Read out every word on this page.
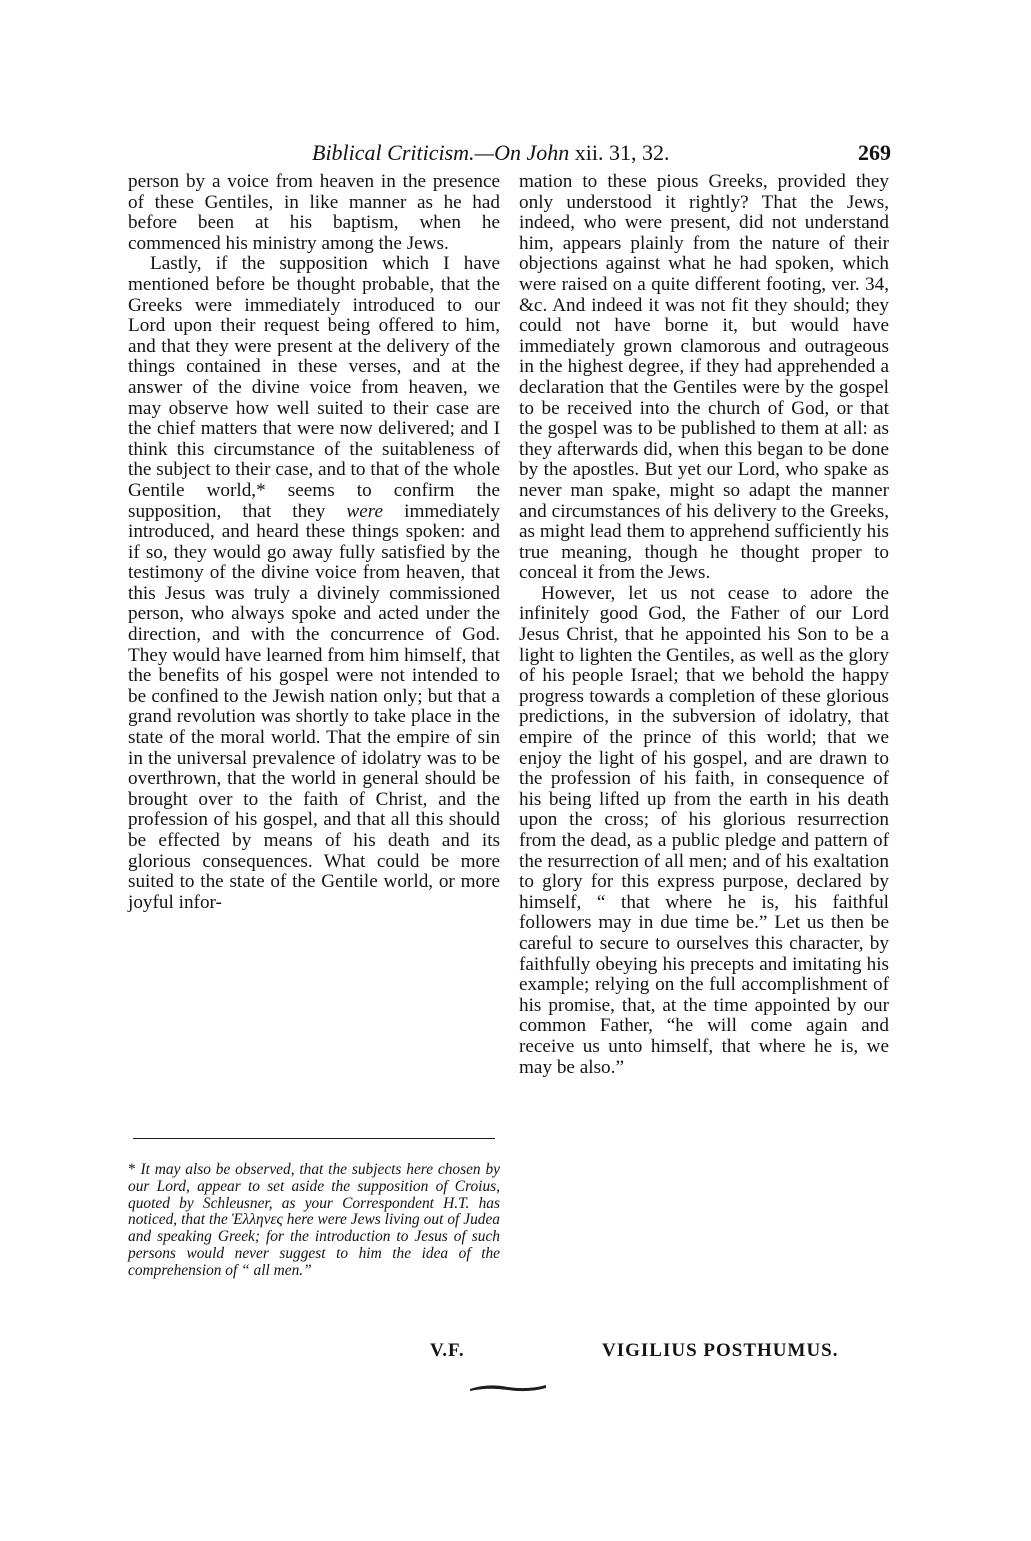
Biblical Criticism.—On John xii. 31, 32.	269

person by a voice from heaven in the presence of these Gentiles, in like manner as he had before been at his baptism, when he commenced his ministry among the Jews.

Lastly, if the supposition which I have mentioned before be thought probable, that the Greeks were immediately introduced to our Lord upon their request being offered to him, and that they were present at the delivery of the things contained in these verses, and at the answer of the divine voice from heaven, we may observe how well suited to their case are the chief matters that were now delivered; and I think this circumstance of the suitableness of the subject to their case, and to that of the whole Gentile world,* seems to confirm the supposition, that they were immediately introduced, and heard these things spoken: and if so, they would go away fully satisfied by the testimony of the divine voice from heaven, that this Jesus was truly a divinely commissioned person, who always spoke and acted under the direction, and with the concurrence of God. They would have learned from him himself, that the benefits of his gospel were not intended to be confined to the Jewish nation only; but that a grand revolution was shortly to take place in the state of the moral world. That the empire of sin in the universal prevalence of idolatry was to be overthrown, that the world in general should be brought over to the faith of Christ, and the profession of his gospel, and that all this should be effected by means of his death and its glorious consequences. What could be more suited to the state of the Gentile world, or more joyful infor-

mation to these pious Greeks, provided they only understood it rightly? That the Jews, indeed, who were present, did not understand him, appears plainly from the nature of their objections against what he had spoken, which were raised on a quite different footing, ver. 34, &c. And indeed it was not fit they should; they could not have borne it, but would have immediately grown clamorous and outrageous in the highest degree, if they had apprehended a declaration that the Gentiles were by the gospel to be received into the church of God, or that the gospel was to be published to them at all: as they afterwards did, when this began to be done by the apostles. But yet our Lord, who spake as never man spake, might so adapt the manner and circumstances of his delivery to the Greeks, as might lead them to apprehend sufficiently his true meaning, though he thought proper to conceal it from the Jews.

However, let us not cease to adore the infinitely good God, the Father of our Lord Jesus Christ, that he appointed his Son to be a light to lighten the Gentiles, as well as the glory of his people Israel; that we behold the happy progress towards a completion of these glorious predictions, in the subversion of idolatry, that empire of the prince of this world; that we enjoy the light of his gospel, and are drawn to the profession of his faith, in consequence of his being lifted up from the earth in his death upon the cross; of his glorious resurrection from the dead, as a public pledge and pattern of the resurrection of all men; and of his exaltation to glory for this express purpose, declared by himself, “ that where he is, his faithful followers may in due time be.” Let us then be careful to secure to ourselves this character, by faithfully obeying his precepts and imitating his example; relying on the full accomplishment of his promise, that, at the time appointed by our common Father, “he will come again and receive us unto himself, that where he is, we may be also.”

* It may also be observed, that the subjects here chosen by our Lord, appear to set aside the supposition of Croius, quoted by Schleusner, as your Correspondent H.T. has noticed, that the Ἑλληνες here were Jews living out of Judea and speaking Greek; for the introduction to Jesus of such persons would never suggest to him the idea of the comprehension of “ all men.”
V.F.	VIGILIUS POSTHUMUS.
